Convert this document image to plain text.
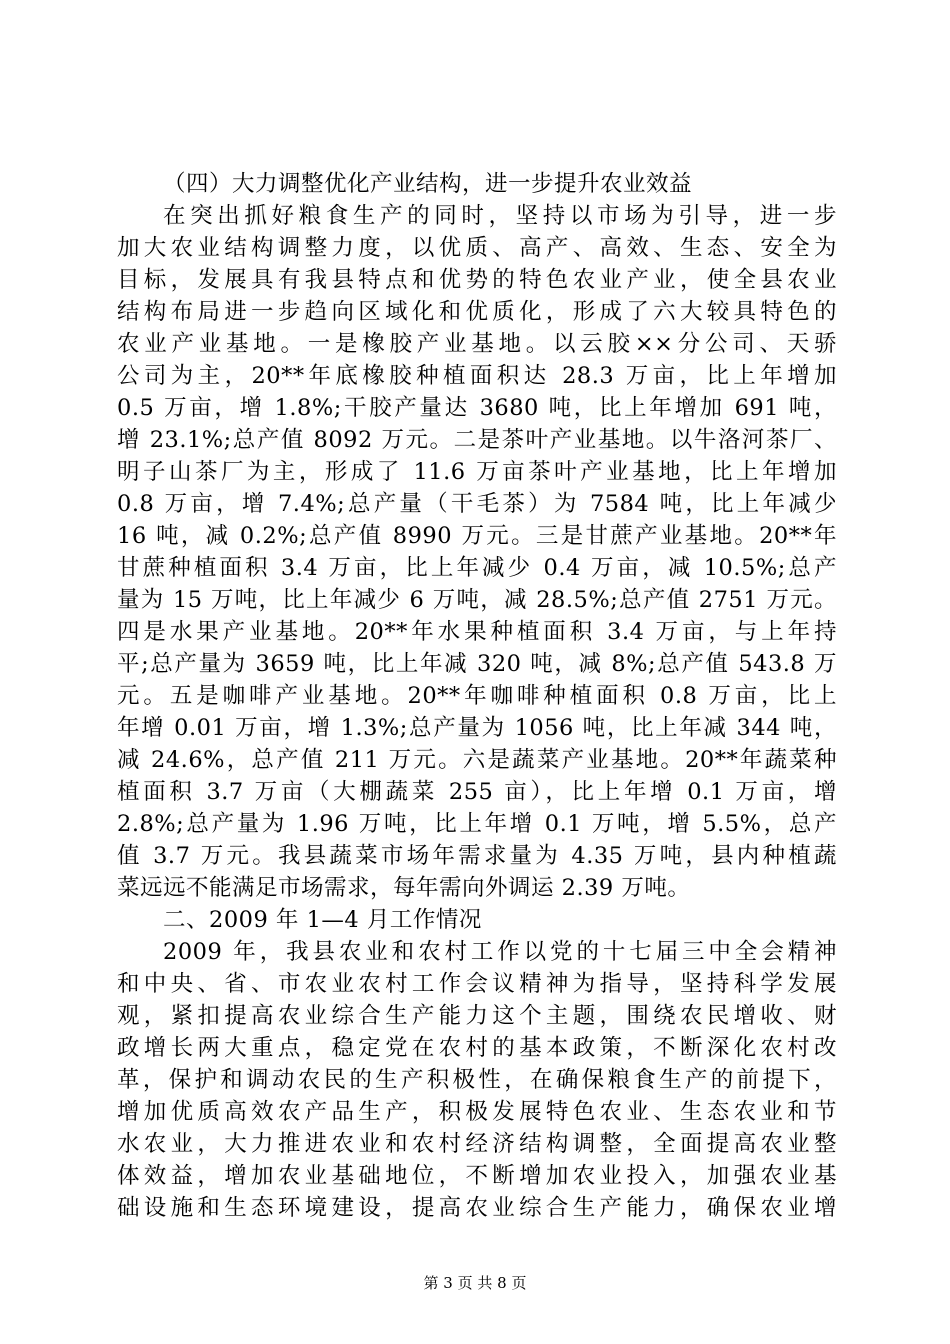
（四）大力调整优化产业结构，进一步提升农业效益
在突出抓好粮食生产的同时，坚持以市场为引导，进一步
加大农业结构调整力度，以优质、高产、高效、生态、安全为
目标，发展具有我县特点和优势的特色农业产业，使全县农业
结构布局进一步趋向区域化和优质化，形成了六大较具特色的
农业产业基地。一是橡胶产业基地。以云胶××分公司、天骄
公司为主，20**年底橡胶种植面积达 28.3 万亩，比上年增加
0.5 万亩，增 1.8%;干胶产量达 3680 吨，比上年增加 691 吨，
增 23.1%;总产值 8092 万元。二是茶叶产业基地。以牛洛河茶厂、
明子山茶厂为主，形成了 11.6 万亩茶叶产业基地，比上年增加
0.8 万亩，增 7.4%;总产量（干毛茶）为 7584 吨，比上年减少
16 吨，减 0.2%;总产值 8990 万元。三是甘蔗产业基地。20**年
甘蔗种植面积 3.4 万亩，比上年减少 0.4 万亩，减 10.5%;总产
量为 15 万吨，比上年减少 6 万吨，减 28.5%;总产值 2751 万元。
四是水果产业基地。20**年水果种植面积 3.4 万亩，与上年持
平;总产量为 3659 吨，比上年减 320 吨，减 8%;总产值 543.8 万
元。五是咖啡产业基地。20**年咖啡种植面积 0.8 万亩，比上
年增 0.01 万亩，增 1.3%;总产量为 1056 吨，比上年减 344 吨，
减 24.6%，总产值 211 万元。六是蔬菜产业基地。20**年蔬菜种
植面积 3.7 万亩（大棚蔬菜 255 亩），比上年增 0.1 万亩，增
2.8%;总产量为 1.96 万吨，比上年增 0.1 万吨，增 5.5%，总产
值 3.7 万元。我县蔬菜市场年需求量为 4.35 万吨，县内种植蔬
菜远远不能满足市场需求，每年需向外调运 2.39 万吨。
二、2009 年 1—4 月工作情况
2009 年，我县农业和农村工作以党的十七届三中全会精神
和中央、省、市农业农村工作会议精神为指导，坚持科学发展
观，紧扣提高农业综合生产能力这个主题，围绕农民增收、财
政增长两大重点，稳定党在农村的基本政策，不断深化农村改
革，保护和调动农民的生产积极性，在确保粮食生产的前提下，
增加优质高效农产品生产，积极发展特色农业、生态农业和节
水农业，大力推进农业和农村经济结构调整，全面提高农业整
体效益，增加农业基础地位，不断增加农业投入，加强农业基
础设施和生态环境建设，提高农业综合生产能力，确保农业增
第 3 页 共 8 页
